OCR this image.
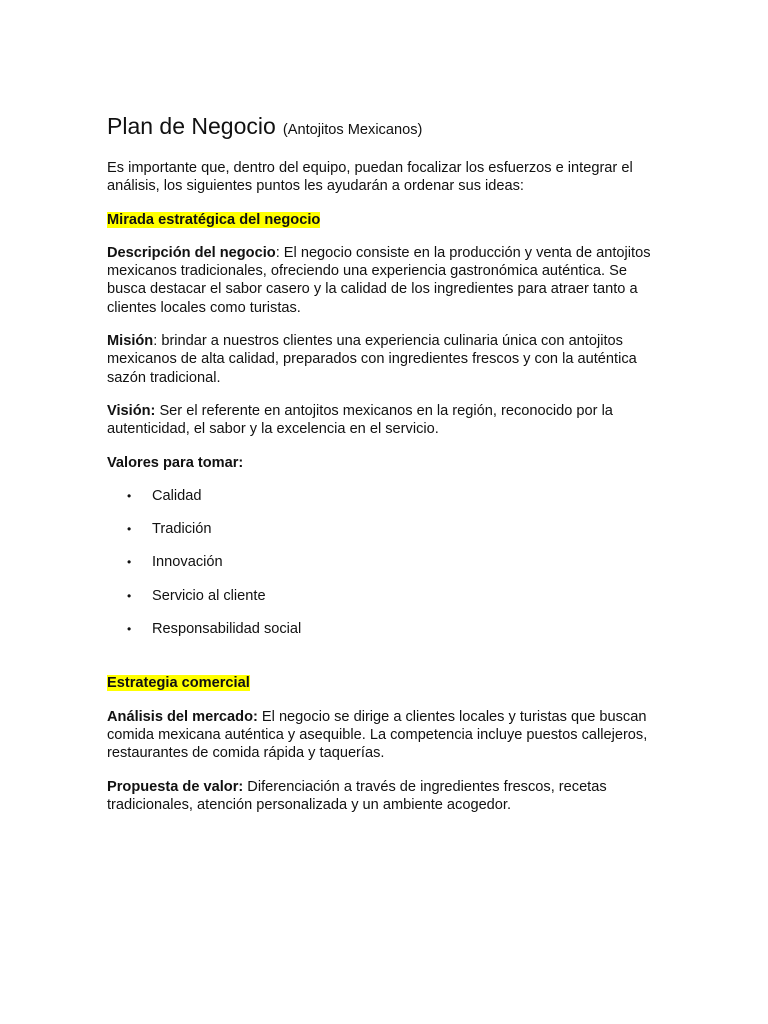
Plan de Negocio (Antojitos Mexicanos)

Es importante que, dentro del equipo, puedan focalizar los esfuerzos e integrar el análisis, los siguientes puntos les ayudarán a ordenar sus ideas:

Mirada estratégica del negocio

Descripción del negocio: El negocio consiste en la producción y venta de antojitos mexicanos tradicionales, ofreciendo una experiencia gastronómica auténtica. Se busca destacar el sabor casero y la calidad de los ingredientes para atraer tanto a clientes locales como turistas.

Misión: brindar a nuestros clientes una experiencia culinaria única con antojitos mexicanos de alta calidad, preparados con ingredientes frescos y con la auténtica sazón tradicional.

Visión: Ser el referente en antojitos mexicanos en la región, reconocido por la autenticidad, el sabor y la excelencia en el servicio.

Valores para tomar:

• Calidad
• Tradición
• Innovación
• Servicio al cliente
• Responsabilidad social
Estrategia comercial

Análisis del mercado: El negocio se dirige a clientes locales y turistas que buscan comida mexicana auténtica y asequible. La competencia incluye puestos callejeros, restaurantes de comida rápida y taquerías.

Propuesta de valor: Diferenciación a través de ingredientes frescos, recetas tradicionales, atención personalizada y un ambiente acogedor.
